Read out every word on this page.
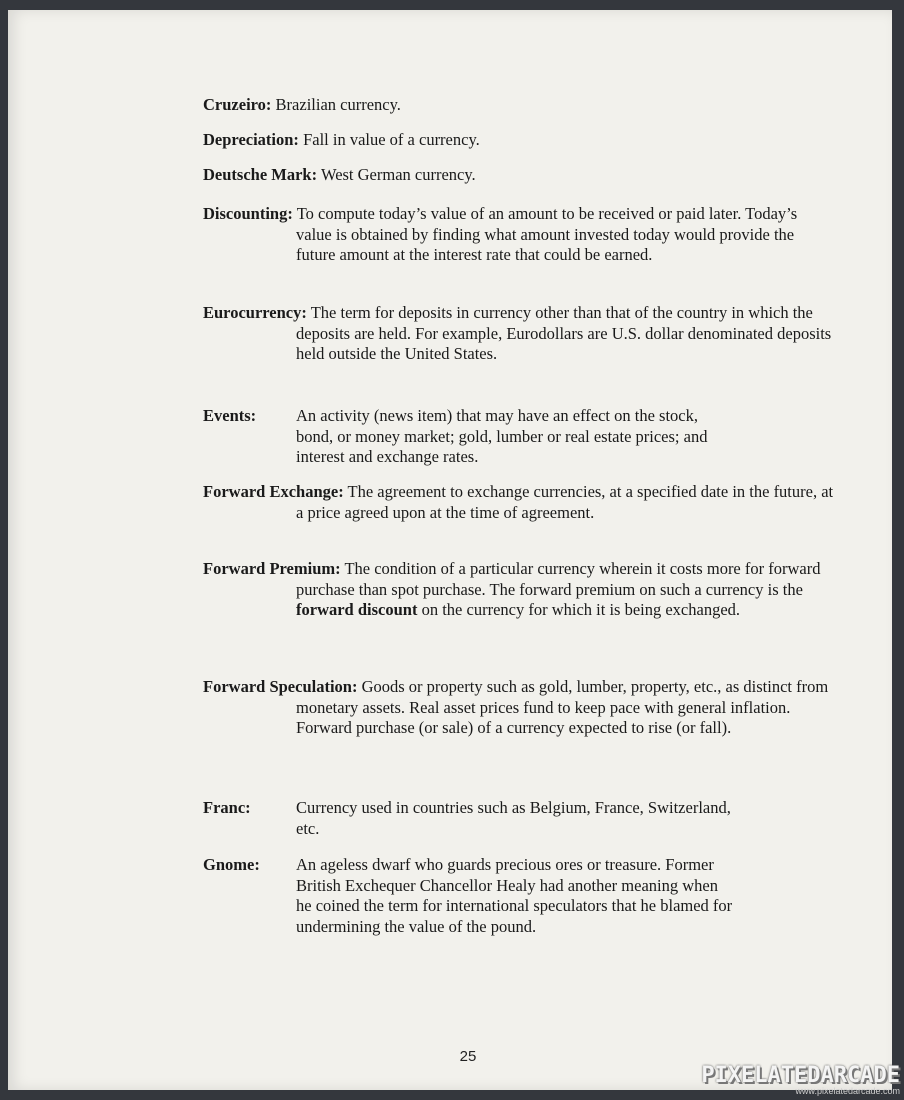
Cruzeiro: Brazilian currency.
Depreciation: Fall in value of a currency.
Deutsche Mark: West German currency.
Discounting: To compute today’s value of an amount to be received or paid later. Today’s value is obtained by finding what amount invested today would provide the future amount at the interest rate that could be earned.
Eurocurrency: The term for deposits in currency other than that of the country in which the deposits are held. For example, Eurodollars are U.S. dollar denominated deposits held outside the United States.
Events: An activity (news item) that may have an effect on the stock, bond, or money market; gold, lumber or real estate prices; and interest and exchange rates.
Forward Exchange: The agreement to exchange currencies, at a specified date in the future, at a price agreed upon at the time of agreement.
Forward Premium: The condition of a particular currency wherein it costs more for forward purchase than spot purchase. The forward premium on such a currency is the forward discount on the currency for which it is being exchanged.
Forward Speculation: Goods or property such as gold, lumber, property, etc., as distinct from monetary assets. Real asset prices fund to keep pace with general inflation. Forward purchase (or sale) of a currency expected to rise (or fall).
Franc:	Currency used in countries such as Belgium, France, Switzerland, etc.
Gnome: An ageless dwarf who guards precious ores or treasure. Former British Exchequer Chancellor Healy had another meaning when he coined the term for international speculators that he blamed for undermining the value of the pound.
25
PIXELATEDARCADE
www.pixelatedarcade.com
